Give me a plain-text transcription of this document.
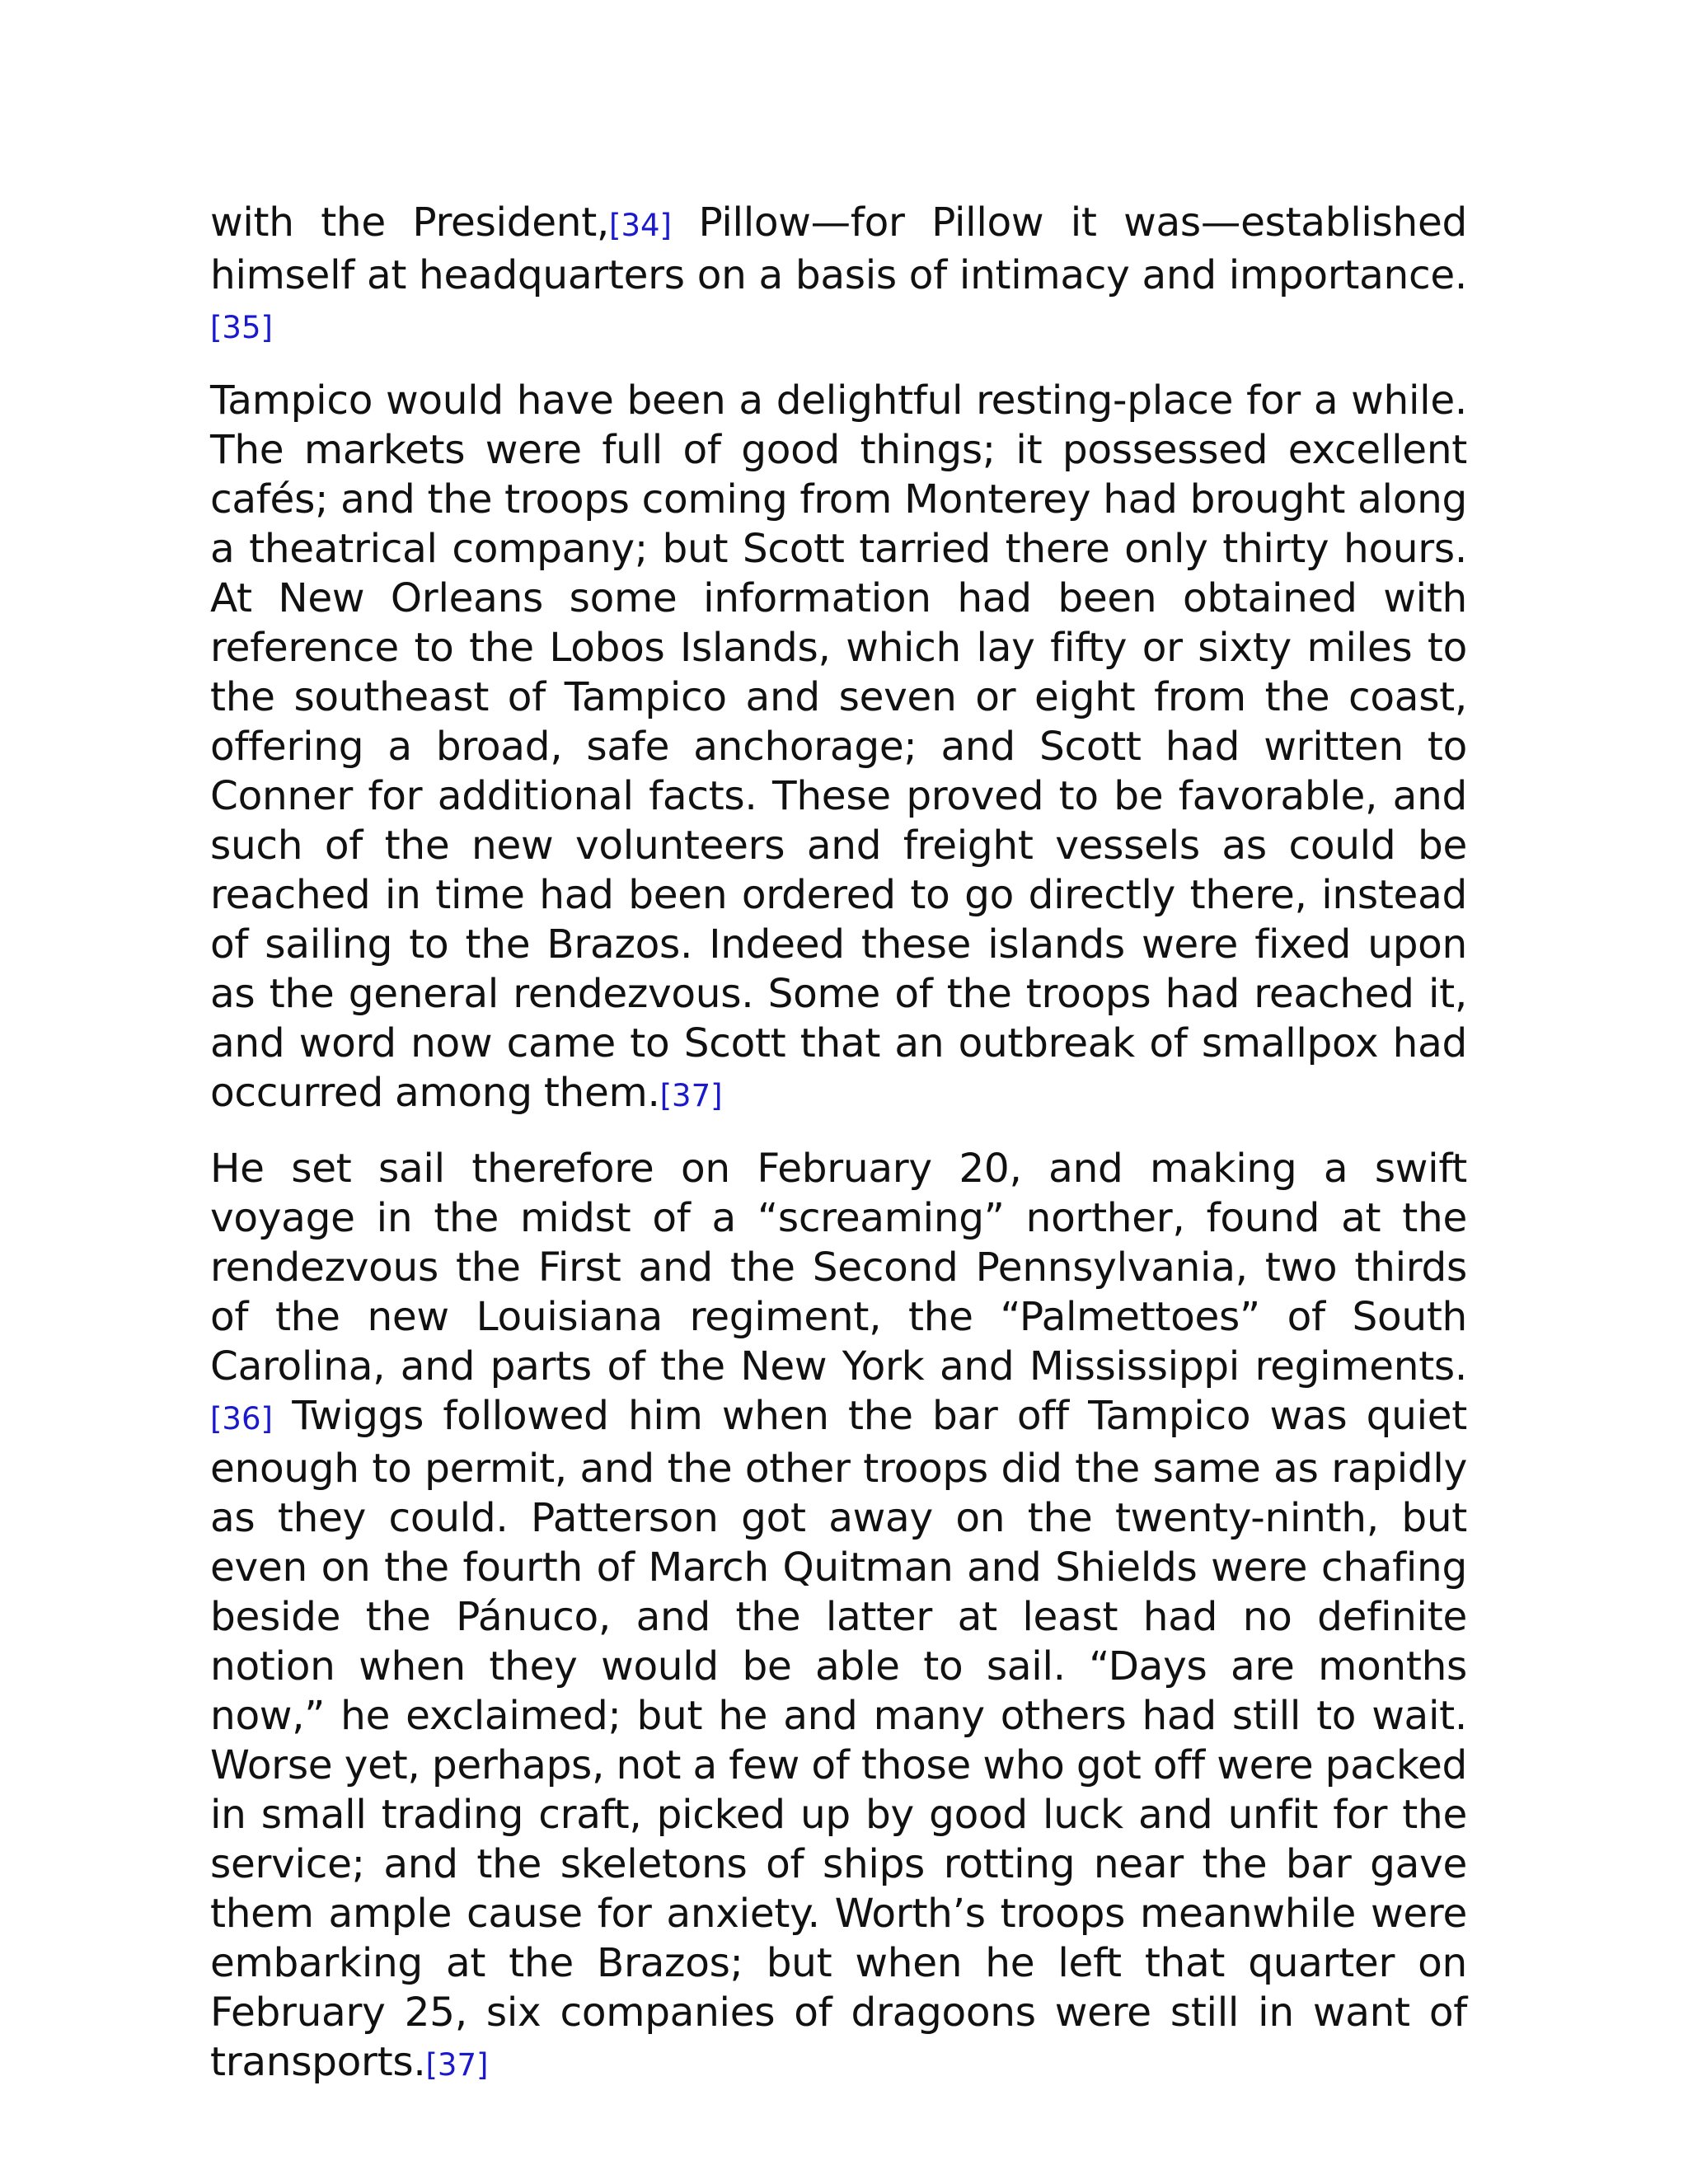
with the President,[34] Pillow—for Pillow it was—established himself at headquarters on a basis of intimacy and importance.[35]

Tampico would have been a delightful resting-place for a while. The markets were full of good things; it possessed excellent cafés; and the troops coming from Monterey had brought along a theatrical company; but Scott tarried there only thirty hours. At New Orleans some information had been obtained with reference to the Lobos Islands, which lay fifty or sixty miles to the southeast of Tampico and seven or eight from the coast, offering a broad, safe anchorage; and Scott had written to Conner for additional facts. These proved to be favorable, and such of the new volunteers and freight vessels as could be reached in time had been ordered to go directly there, instead of sailing to the Brazos. Indeed these islands were fixed upon as the general rendezvous. Some of the troops had reached it, and word now came to Scott that an outbreak of smallpox had occurred among them.[37]

He set sail therefore on February 20, and making a swift voyage in the midst of a “screaming” norther, found at the rendezvous the First and the Second Pennsylvania, two thirds of the new Louisiana regiment, the “Palmettoes” of South Carolina, and parts of the New York and Mississippi regiments.[36] Twiggs followed him when the bar off Tampico was quiet enough to permit, and the other troops did the same as rapidly as they could. Patterson got away on the twenty-ninth, but even on the fourth of March Quitman and Shields were chafing beside the Pánuco, and the latter at least had no definite notion when they would be able to sail. “Days are months now,” he exclaimed; but he and many others had still to wait. Worse yet, perhaps, not a few of those who got off were packed in small trading craft, picked up by good luck and unfit for the service; and the skeletons of ships rotting near the bar gave them ample cause for anxiety. Worth’s troops meanwhile were embarking at the Brazos; but when he left that quarter on February 25, six companies of dragoons were still in want of transports.[37]
